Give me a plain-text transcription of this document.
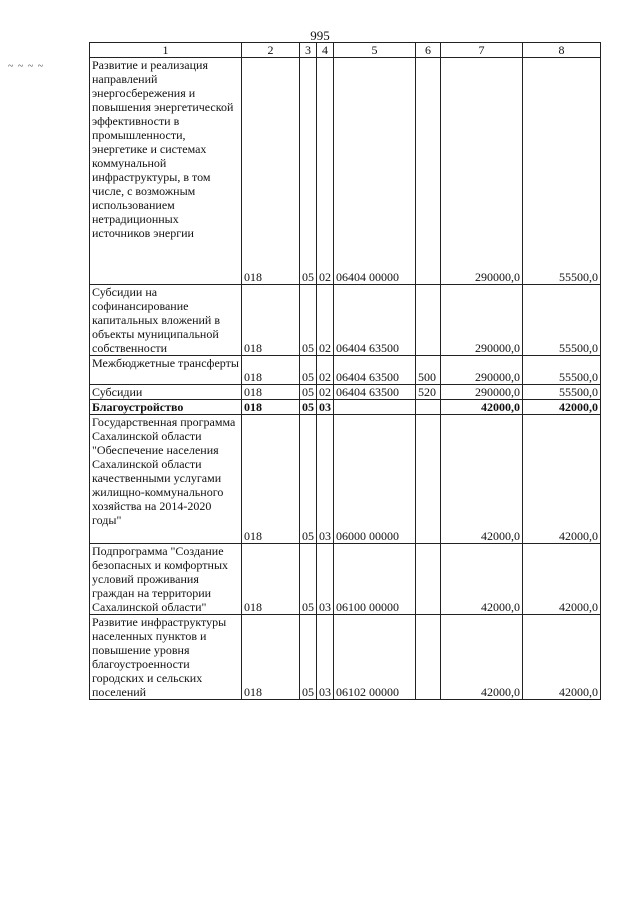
995
~ ~ ~ ~
1	2	3	4	5	6	7	8
Развитие и реализация направлений энергосбережения и повышения энергетической эффективности в промышленности, энергетике и системах коммунальной инфраструктуры, в том числе, с возможным использованием нетрадиционных источников энергии	018	05	02	06404 00000		290000,0	55500,0
Субсидии на софинансирование капитальных вложений в объекты муниципальной собственности	018	05	02	06404 63500		290000,0	55500,0
Межбюджетные трансферты	018	05	02	06404 63500	500	290000,0	55500,0
Субсидии	018	05	02	06404 63500	520	290000,0	55500,0
Благоустройство	018	05	03			42000,0	42000,0
Государственная программа Сахалинской области "Обеспечение населения Сахалинской области качественными услугами жилищно-коммунального хозяйства на 2014-2020 годы"	018	05	03	06000 00000		42000,0	42000,0
Подпрограмма "Создание безопасных и комфортных условий проживания граждан на территории Сахалинской области"	018	05	03	06100 00000		42000,0	42000,0
Развитие инфраструктуры населенных пунктов и повышение уровня благоустроенности городских и сельских поселений	018	05	03	06102 00000		42000,0	42000,0
